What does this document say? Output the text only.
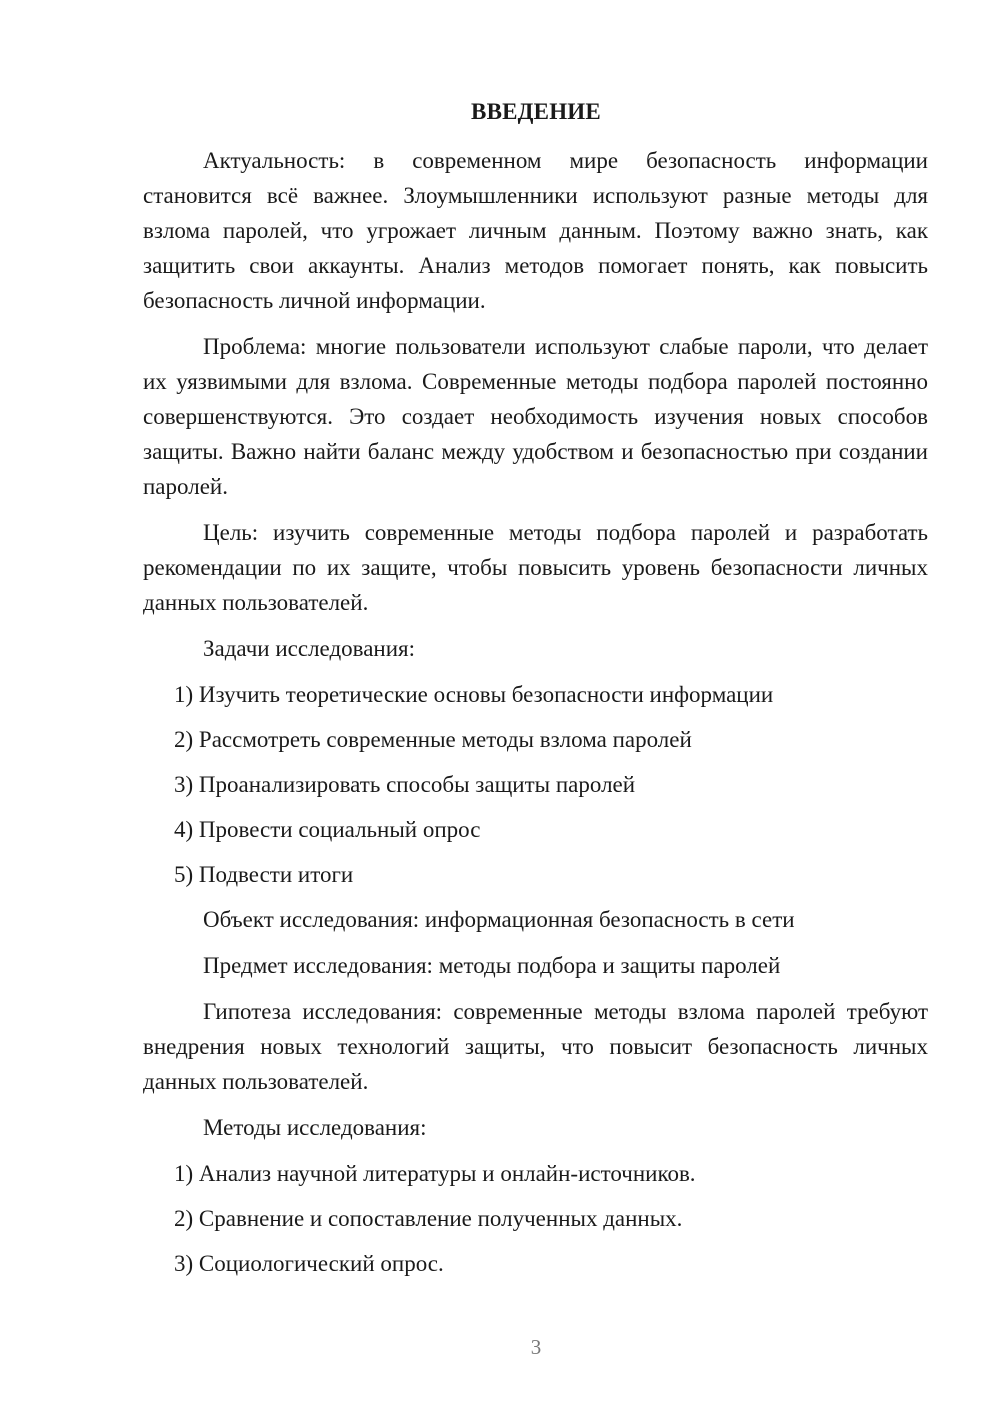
ВВЕДЕНИЕ

Актуальность: в современном мире безопасность информации становится всё важнее. Злоумышленники используют разные методы для взлома паролей, что угрожает личным данным. Поэтому важно знать, как защитить свои аккаунты. Анализ методов помогает понять, как повысить безопасность личной информации.

Проблема: многие пользователи используют слабые пароли, что делает их уязвимыми для взлома. Современные методы подбора паролей постоянно совершенствуются. Это создает необходимость изучения новых способов защиты. Важно найти баланс между удобством и безопасностью при создании паролей.

Цель: изучить современные методы подбора паролей и разработать рекомендации по их защите, чтобы повысить уровень безопасности личных данных пользователей.

Задачи исследования:

1) Изучить теоретические основы безопасности информации
2) Рассмотреть современные методы взлома паролей
3) Проанализировать способы защиты паролей
4) Провести социальный опрос
5) Подвести итоги

Объект исследования: информационная безопасность в сети

Предмет исследования: методы подбора и защиты паролей

Гипотеза исследования: современные методы взлома паролей требуют внедрения новых технологий защиты, что повысит безопасность личных данных пользователей.

Методы исследования:

1) Анализ научной литературы и онлайн-источников.
2) Сравнение и сопоставление полученных данных.
3) Социологический опрос.
3
